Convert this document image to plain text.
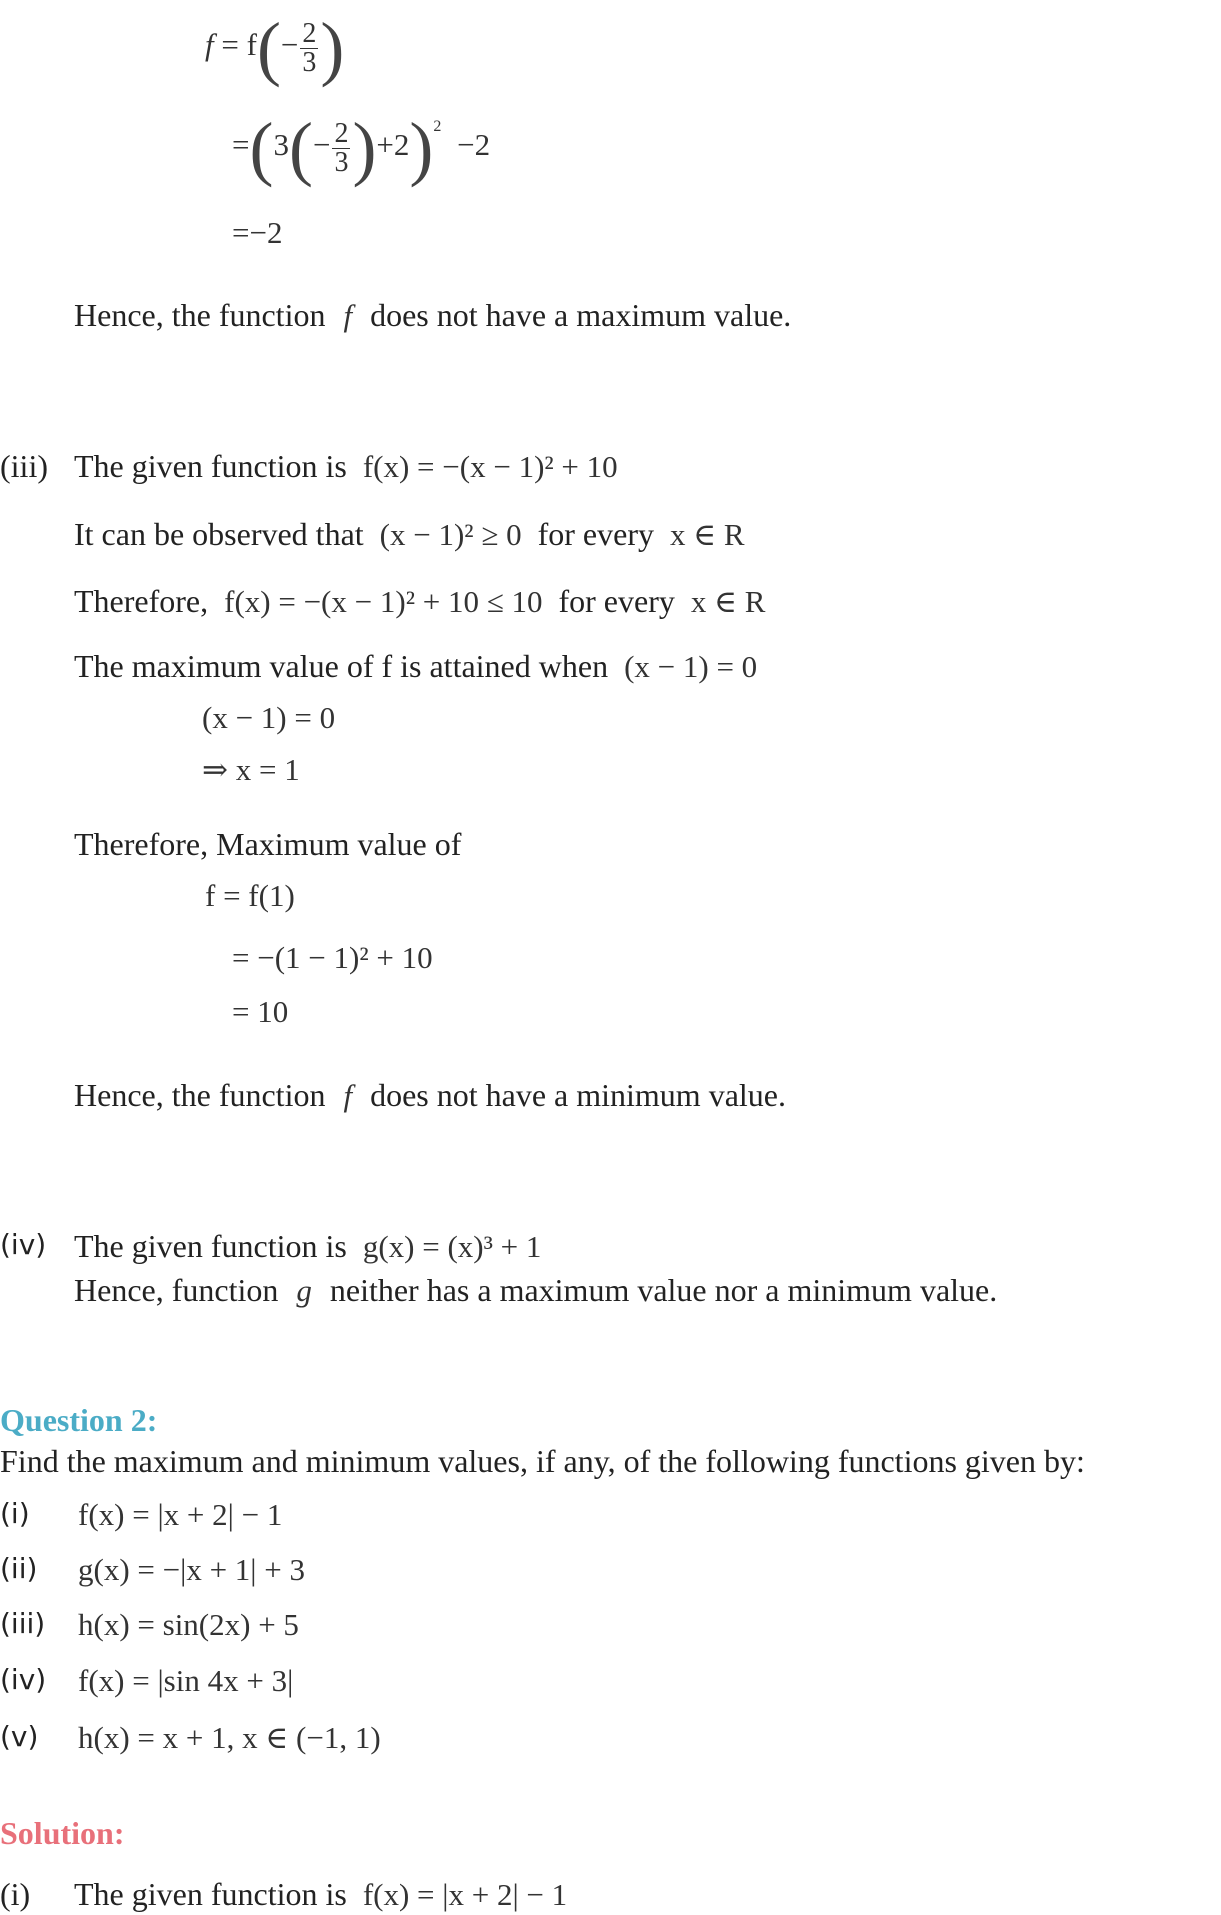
$f = f(- \frac{2}{3}$ )
$=(3(- \frac{2}{3} )+2)^2 -2$
=−2
Hence, the function f does not have a maximum value.
(iii) The given function is f(x) = −(x − 1)² + 10
It can be observed that (x − 1)² ≥ 0 for every x ∈ R
Therefore, f(x) = −(x − 1)² + 10 ≤ 10 for every x ∈ R
The maximum value of f is attained when (x − 1) = 0
(x − 1) = 0
⇒ x = 1
Therefore, Maximum value of
f = f(1)
= −(1 − 1)² + 10
= 10
Hence, the function f does not have a minimum value.
(iv) The given function is g(x) = (x)³ + 1
Hence, function g neither has a maximum value nor a minimum value.
Question 2:
Find the maximum and minimum values, if any, of the following functions given by:
(i) f(x) = |x + 2| − 1
(ii) g(x) = −|x + 1| + 3
(iii) h(x) = sin(2x) + 5
(iv) f(x) = |sin 4x + 3|
(v) h(x) = x + 1, x ∈ (−1, 1)
Solution:
(i) The given function is f(x) = |x + 2| − 1
